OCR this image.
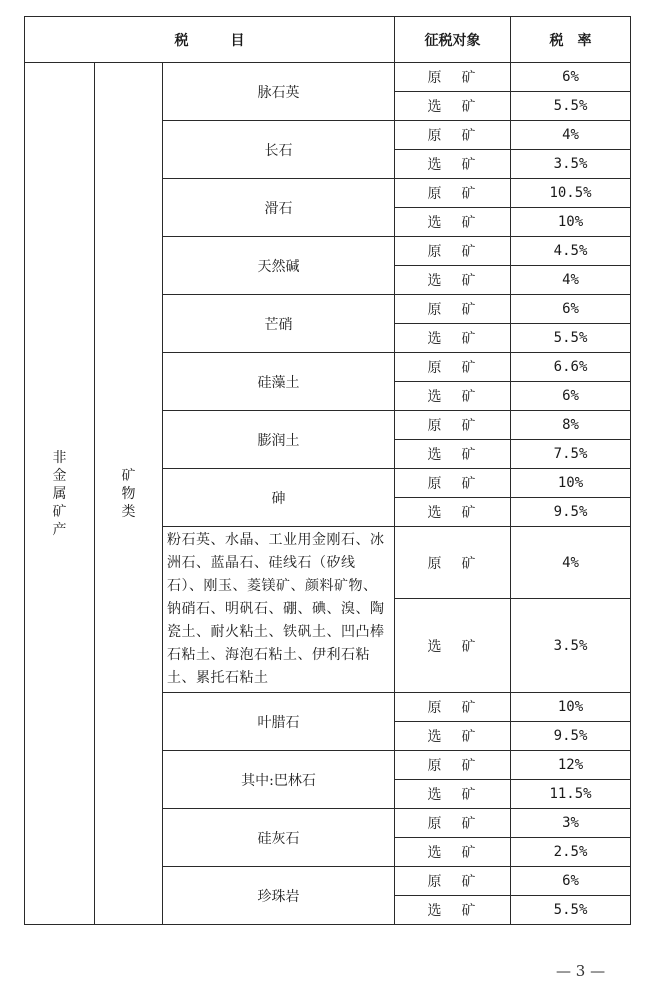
税　　　目			征税对象	税　率
非金属矿产	矿物类	脉石英	原矿	6%
			选矿	5.5%
		长石	原矿	4%
			选矿	3.5%
		滑石	原矿	10.5%
			选矿	10%
		天然碱	原矿	4.5%
			选矿	4%
		芒硝	原矿	6%
			选矿	5.5%
		硅藻土	原矿	6.6%
			选矿	6%
		膨润土	原矿	8%
			选矿	7.5%
		砷	原矿	10%
			选矿	9.5%
		粉石英、水晶、工业用金刚石、冰洲石、蓝晶石、硅线石（矽线石）、刚玉、菱镁矿、颜料矿物、钠硝石、明矾石、硼、碘、溴、陶瓷土、耐火粘土、铁矾土、凹凸棒石粘土、海泡石粘土、伊利石粘土、累托石粘土	原矿	4%
			选矿	3.5%
		叶腊石	原矿	10%
			选矿	9.5%
		其中:巴林石	原矿	12%
			选矿	11.5%
		硅灰石	原矿	3%
			选矿	2.5%
		珍珠岩	原矿	6%
			选矿	5.5%
— 3 —
